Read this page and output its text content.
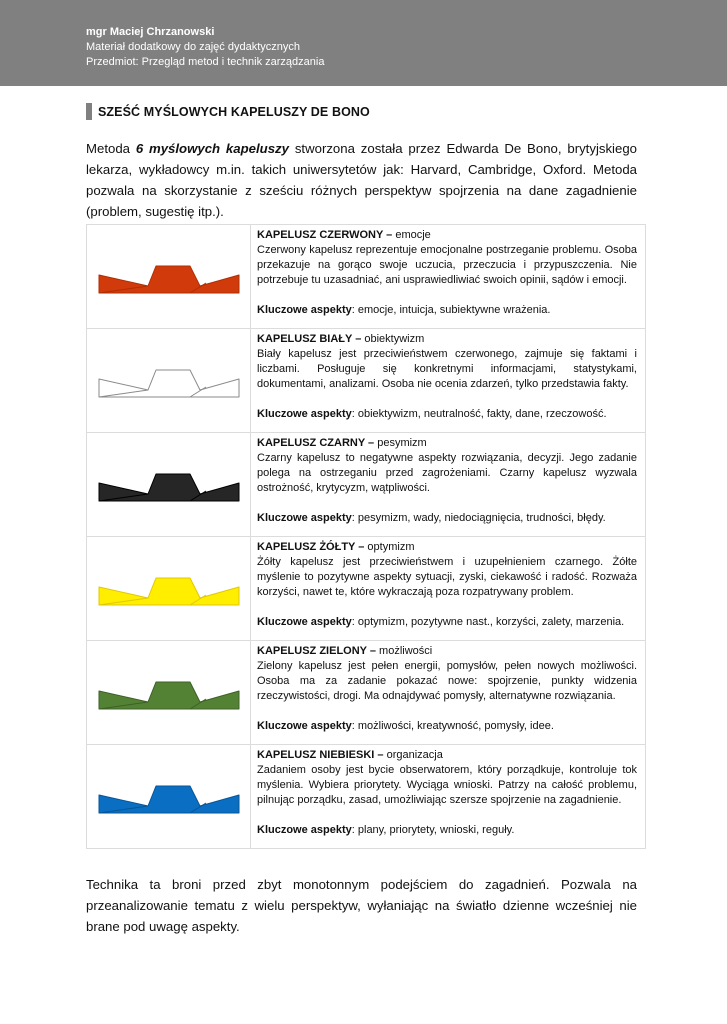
mgr Maciej Chrzanowski
Materiał dodatkowy do zajęć dydaktycznych
Przedmiot: Przegląd metod i technik zarządzania
SZEŚĆ MYŚLOWYCH KAPELUSZY DE BONO

Metoda 6 myślowych kapeluszy stworzona została przez Edwarda De Bono, brytyjskiego lekarza, wykładowcy m.in. takich uniwersytetów jak: Harvard, Cambridge, Oxford. Metoda pozwala na skorzystanie z sześciu różnych perspektyw spojrzenia na dane zagadnienie (problem, sugestię itp.).

KAPELUSZ CZERWONY – emocje
Czerwony kapelusz reprezentuje emocjonalne postrzeganie problemu. Osoba przekazuje na gorąco swoje uczucia, przeczucia i przypuszczenia. Nie potrzebuje tu uzasadniać, ani usprawiedliwiać swoich opinii, sądów i emocji.
Kluczowe aspekty: emocje, intuicja, subiektywne wrażenia.

KAPELUSZ BIAŁY – obiektywizm
Biały kapelusz jest przeciwieństwem czerwonego, zajmuje się faktami i liczbami. Posługuje się konkretnymi informacjami, statystykami, dokumentami, analizami. Osoba nie ocenia zdarzeń, tylko przedstawia fakty.
Kluczowe aspekty: obiektywizm, neutralność, fakty, dane, rzeczowość.

KAPELUSZ CZARNY – pesymizm
Czarny kapelusz to negatywne aspekty rozwiązania, decyzji. Jego zadanie polega na ostrzeganiu przed zagrożeniami. Czarny kapelusz wyzwala ostrożność, krytycyzm, wątpliwości.
Kluczowe aspekty: pesymizm, wady, niedociągnięcia, trudności, błędy.

KAPELUSZ ŻÓŁTY – optymizm
Żółty kapelusz jest przeciwieństwem i uzupełnieniem czarnego. Żółte myślenie to pozytywne aspekty sytuacji, zyski, ciekawość i radość. Rozważa korzyści, nawet te, które wykraczają poza rozpatrywany problem.
Kluczowe aspekty: optymizm, pozytywne nast., korzyści, zalety, marzenia.

KAPELUSZ ZIELONY – możliwości
Zielony kapelusz jest pełen energii, pomysłów, pełen nowych możliwości. Osoba ma za zadanie pokazać nowe: spojrzenie, punkty widzenia rzeczywistości, drogi. Ma odnajdywać pomysły, alternatywne rozwiązania.
Kluczowe aspekty: możliwości, kreatywność, pomysły, idee.

KAPELUSZ NIEBIESKI – organizacja
Zadaniem osoby jest bycie obserwatorem, który porządkuje, kontroluje tok myślenia. Wybiera priorytety. Wyciąga wnioski. Patrzy na całość problemu, pilnując porządku, zasad, umożliwiając szersze spojrzenie na zagadnienie.
Kluczowe aspekty: plany, priorytety, wnioski, reguły.

Technika ta broni przed zbyt monotonnym podejściem do zagadnień. Pozwala na przeanalizowanie tematu z wielu perspektyw, wyłaniając na światło dzienne wcześniej nie brane pod uwagę aspekty.
